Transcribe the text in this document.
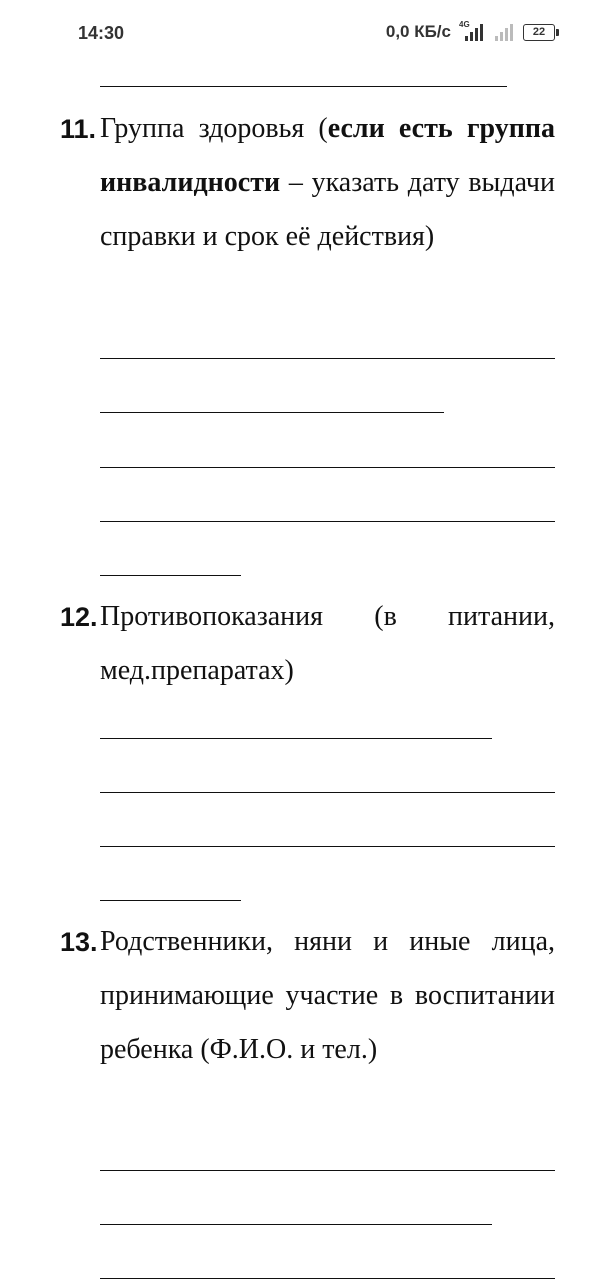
14:30	0,0 КБ/с 4G
22
11. Группа здоровья (если есть группа инвалидности – указать дату выдачи справки и срок её действия)
12. Противопоказания (в питании, мед.препаратах)
13. Родственники, няни и иные лица, принимающие участие в воспитании ребенка (Ф.И.О. и тел.)
